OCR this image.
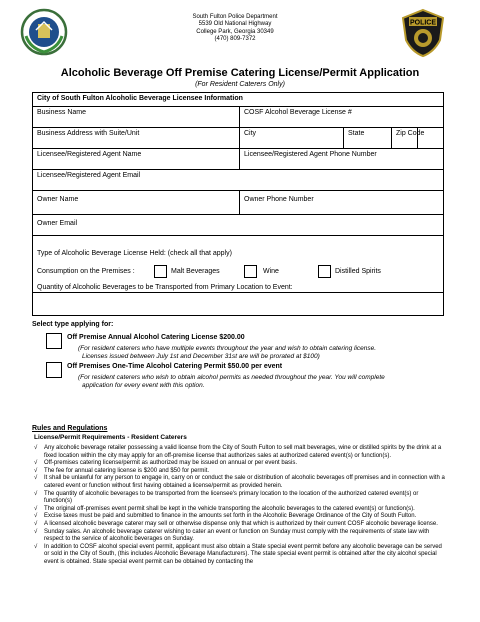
South Fulton Police Department
5539 Old National Highway
College Park, Georgia 30349
(470) 809-7372
POLICE
Alcoholic Beverage Off Premise Catering License/Permit Application
(For Resident Caterers Only)
City of South Fulton Alcoholic Beverage Licensee Information
Business Name	COSF Alcohol Beverage License #
Business Address with Suite/Unit	City	State	Zip Code
Licensee/Registered Agent Name	Licensee/Registered Agent Phone Number
Licensee/Registered Agent Email
Owner Name	Owner Phone Number
Owner Email
Type of Alcoholic Beverage License Held: (check all that apply)
Consumption on the Premises :	Malt Beverages	Wine	Distilled Spirits
Quantity of Alcoholic Beverages to be Transported from Primary Location to Event:
Select type applying for:
Off Premise Annual Alcohol Catering License $200.00
(For resident caterers who have multiple events throughout the year and wish to obtain catering license.
Licenses issued between July 1st and December 31st are will be prorated at $100)
Off Premises One-Time Alcohol Catering Permit $50.00 per event
(For resident caterers who wish to obtain alcohol permits as needed throughout the year. You will complete
application for every event with this option.
Rules and Regulations
License/Permit Requirements - Resident Caterers
√	Any alcoholic beverage retailer possessing a valid license from the City of South Fulton to sell malt beverages, wine or distilled spirits by the drink at a fixed location within the city may apply for an off-premise license that authorizes sales at authorized catered event(s) or function(s).
√	Off-premises catering license/permit as authorized may be issued on annual or per event basis.
√	The fee for annual catering license is $200 and $50 for permit.
√	It shall be unlawful for any person to engage in, carry on or conduct the sale or distribution of alcoholic beverages off premises and in connection with a catered event or function without first having obtained a license/permit as provided herein.
√	The quantity of alcoholic beverages to be transported from the licensee's primary location to the location of the authorized catered event(s) or function(s)
√	The original off-premises event permit shall be kept in the vehicle transporting the alcoholic beverages to the catered event(s) or function(s).
√	Excise taxes must be paid and submitted to finance in the amounts set forth in the Alcoholic Beverage Ordinance of the City of South Fulton.
√	A licensed alcoholic beverage caterer may sell or otherwise dispense only that which is authorized by their current COSF alcoholic beverage license.
√	Sunday sales. An alcoholic beverage caterer wishing to cater an event or function on Sunday must comply with the requirements of state law with respect to the service of alcoholic beverages on Sunday.
√	In addition to COSF alcohol special event permit, applicant must also obtain a State special event permit before any alcoholic beverage can be served or sold in the City of South, (this includes Alcoholic Beverage Manufacturers). The state special event permit is obtained after the city alcohol special event is obtained. State special event permit can be obtained by contacting the
